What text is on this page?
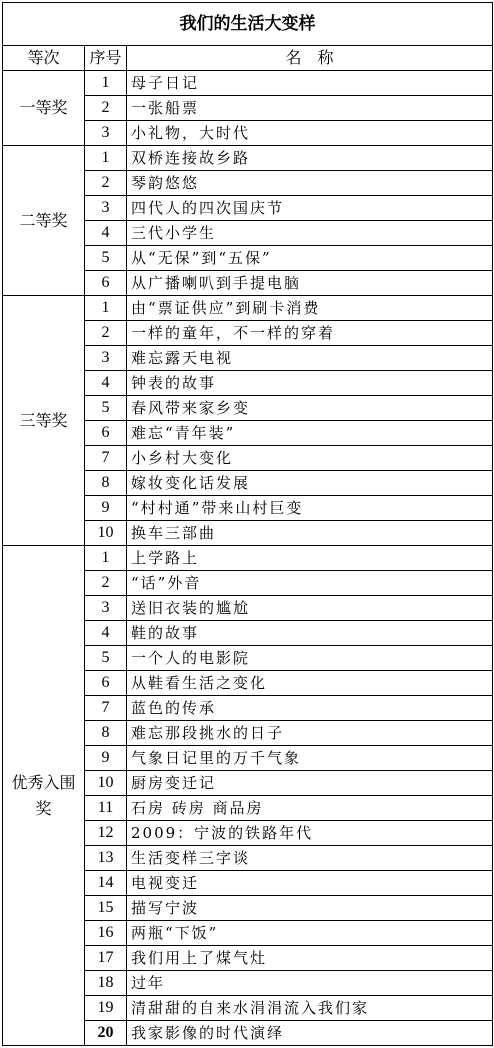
我们的生活大变样		
等次	序号	名　称
一等奖	1	母子日记
	2	一张船票
	3	小礼物，大时代
二等奖	1	双桥连接故乡路
	2	琴韵悠悠
	3	四代人的四次国庆节
	4	三代小学生
	5	从“无保”到“五保”
	6	从广播喇叭到手提电脑
三等奖	1	由“票证供应”到刷卡消费
	2	一样的童年，不一样的穿着
	3	难忘露天电视
	4	钟表的故事
	5	春风带来家乡变
	6	难忘“青年装”
	7	小乡村大变化
	8	嫁妆变化话发展
	9	“村村通”带来山村巨变
	10	换车三部曲
优秀入围奖	1	上学路上
	2	“话”外音
	3	送旧衣装的尴尬
	4	鞋的故事
	5	一个人的电影院
	6	从鞋看生活之变化
	7	蓝色的传承
	8	难忘那段挑水的日子
	9	气象日记里的万千气象
	10	厨房变迁记
	11	石房 砖房 商品房
	12	2009：宁波的铁路年代
	13	生活变样三字谈
	14	电视变迁
	15	描写宁波
	16	两瓶“下饭”
	17	我们用上了煤气灶
	18	过年
	19	清甜甜的自来水涓涓流入我们家
	20	我家影像的时代演绎
